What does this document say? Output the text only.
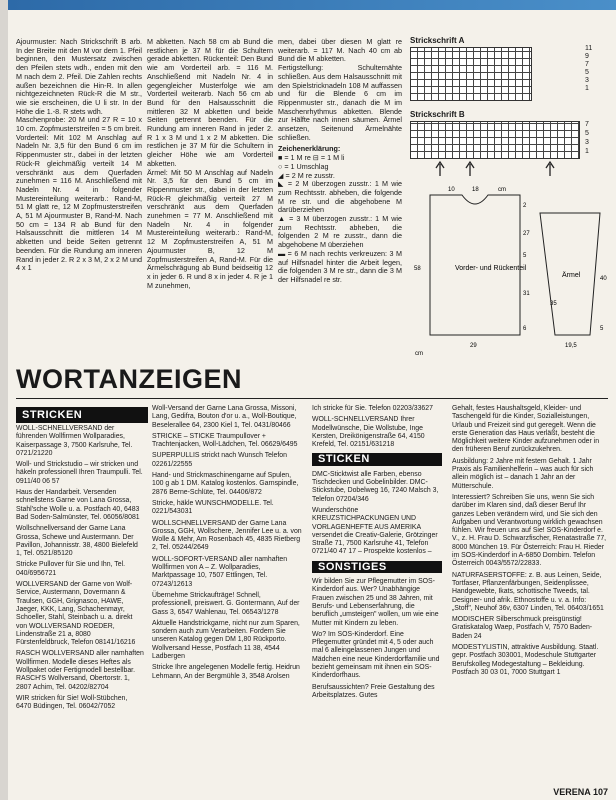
Ajourmuster: Nach Strickschrift B arb. In der Breite mit den M vor dem 1. Pfeil beginnen, den Mustersatz zwischen den Pfeilen stets wdh., enden mit den M nach dem 2. Pfeil. Die Zahlen rechts außen bezeichnen die Hin-R. In allen nichtgezeichneten Rück-R die M str., wie sie erscheinen, die U li str. In der Höhe die 1.-8. R stets wdh.

Maschenprobe: 20 M und 27 R = 10 x 10 cm. Zopfmusterstreifen = 5 cm breit.

Vorderteil: Mit 102 M Anschlag auf Nadeln Nr. 3,5 für den Bund 6 cm im Rippenmuster str., dabei in der letzten Rück-R gleichmäßig verteilt 14 M verschränkt aus dem Querfaden zunehmen = 116 M. Anschließend mit Nadeln Nr. 4 in folgender Mustereinteilung weiterarb.: Rand-M, 51 M glatt re, 12 M Zopfmusterstreifen A, 51 M Ajourmuster B, Rand-M. Nach 50 cm = 134 R ab Bund für den Halsausschnitt die mittleren 14 M abketten und beide Seiten getrennt beenden. Für die Rundung am inneren Rand in jeder 2. R 2 x 3 M, 2 x 2 M und 4 x 1

M abketten. Nach 58 cm ab Bund die restlichen je 37 M für die Schultern gerade abketten. Rückenteil: Den Bund wie am Vorderteil arb. = 116 M. Anschließend mit Nadeln Nr. 4 in gegengleicher Musterfolge wie am Vorderteil weiterarb. Nach 56 cm ab Bund für den Halsausschnitt die mittleren 32 M abketten und beide Seiten getrennt beenden. Für die Rundung am inneren Rand in jeder 2. R 1 x 3 M und 1 x 2 M abketten. Die restlichen je 37 M für die Schultern in gleicher Höhe wie am Vorderteil abketten.

Ärmel: Mit 50 M Anschlag auf Nadeln Nr. 3,5 für den Bund 5 cm im Rippenmuster str., dabei in der letzten Rück-R gleichmäßig verteilt 27 M verschränkt aus dem Querfaden zunehmen = 77 M. Anschließend mit Nadeln Nr. 4 in folgender Mustereinteilung weiterarb.: Rand-M, 12 M Zopfmusterstreifen A, 51 M Ajourmuster B, 12 M Zopfmusterstreifen A, Rand-M. Für die Ärmelschrägung ab Bund beidseitig 12 x in jeder 6. R und 8 x in jeder 4. R je 1 M zunehmen,

men, dabei über diesen M glatt re weiterarb. = 117 M. Nach 40 cm ab Bund die M abketten.

Fertigstellung: Schulternähte schließen. Aus dem Halsausschnitt mit den Spielstricknadeln 108 M auffassen und für die Blende 6 cm im Rippenmuster str., danach die M im Maschenrhythmus abketten. Blende zur Hälfte nach innen säumen. Ärmel ansetzen, Seitenund Ärmelnähte schließen.

Zeichenerklärung:

■ = 1 M re ⊟ = 1 M li

○ = 1 Umschlag

◢ = 2 M re zusstr.

◣ = 2 M überzogen zusstr.: 1 M wie zum Rechtsstr. abheben, die folgende M re str. und die abgehobene M darüberziehen

▲ = 3 M überzogen zusstr.: 1 M wie zum Rechtsstr. abheben, die folgenden 2 M re zusstr., dann die abgehobene M überziehen

▬ = 6 M nach rechts verkreuzen: 3 M auf Hilfsnadel hinter die Arbeit legen, die folgenden 3 M re str., dann die 3 M der Hilfsnadel re str.

Strickschrift A
11
9
7
5
3
1
Strickschrift B
7
5
3
1
Vorder- und Rückenteil
Ärmel
10	18	cm
58
2
27
5
31
6
29
40
35
5
19,5
cm
WORTANZEIGEN
STRICKEN

WOLL-SCHNELLVERSAND der führenden Wollfirmen Wollparadies, Kaiserpassage 3, 7500 Karlsruhe, Tel. 0721/21220

Woll- und Strickstudio – wir stricken und häkeln professionell Ihren Traumpulli. Tel. 0911/40 06 57

Haus der Handarbeit. Versenden schnellstens Garne von Lana Grossa, Stahl'sche Wolle u. a. Postfach 40, 6483 Bad Soden-Salmünster, Tel. 06056/8081

Wollschnellversand der Garne Lana Grossa, Schewe und Austermann. Der Pavillon, Johannisstr. 38, 4800 Bielefeld 1, Tel. 0521/85120

Stricke Pullover für Sie und Ihn, Tel. 040/6956721

WOLLVERSAND der Garne von Wolf-Service, Austermann, Dovermann & Traulsen, GGH, Grignasco, HAWE, Jaeger, KKK, Lang, Schachenmayr, Schoeller, Stahl, Steinbach u. a. direkt von WOLLVERSAND ROEDER, Lindenstraße 21 a, 8080 Fürstenfeldbruck, Telefon 08141/16216

RASCH WOLLVERSAND aller namhaften Wollfirmen. Modelle dieses Heftes als Wollpaket oder Fertigmodell bestellbar. RASCH'S Wollversand, Obertorstr. 1, 2807 Achim, Tel. 04202/82704

WIR stricken für Sie! Woll-Stübchen, 6470 Büdingen, Tel. 06042/7052

Woll-Versand der Garne Lana Grossa, Missoni, Lang, Gedifra, Bouton d'or u. a., Woll-Boutique, Beselerallee 64, 2300 Kiel 1, Tel. 0431/80466

STRICKE – STICKE Traumpullover + Trachtenjacken, Woll-Lädchen, Tel. 06629/6495

SUPERPULLIS strickt nach Wunsch Telefon 02261/22555

Hand- und Strickmaschinengarne auf Spulen, 100 g ab 1 DM. Katalog kostenlos. Garnspindle, 2876 Berne-Schlüte, Tel. 04406/872

Stricke, häkle WUNSCHMODELLE. Tel. 0221/543031

WOLLSCHNELLVERSAND der Garne Lana Grossa, GGH, Wollschere, Jennifer Lee u. a. von Wolle & Mehr, Am Rosenbach 45, 4835 Rietberg 2, Tel. 05244/2649

WOLL-SOFORT-VERSAND aller namhaften Wollfirmen von A – Z. Wollparadies, Marktpassage 10, 7507 Ettlingen, Tel. 07243/12613

Übernehme Strickaufträge! Schnell, professionell, preiswert. G. Gontermann, Auf der Gass 3, 6547 Wahlenau, Tel. 06543/1278

Aktuelle Handstrickgarne, nicht nur zum Sparen, sondern auch zum Verarbeiten. Fordern Sie unseren Katalog gegen DM 1,80 Rückporto. Wollversand Hesse, Postfach 11 38, 4544 Ladbergen

Stricke Ihre angelegenen Modelle fertig. Heidrun Lehmann, An der Bergmühle 3, 3548 Arolsen

Ich stricke für Sie. Telefon 02203/33627

WOLL-SCHNELLVERSAND Ihrer Modellwünsche, Die Wollstube, Inge Kersten, Dreikönigenstraße 64, 4150 Krefeld, Tel. 02151/631218

STICKEN

DMC-Sticktwist alle Farben, ebenso Tischdecken und Gobelinbilder. DMC-Stickstube, Dobelweg 16, 7240 Malsch 3, Telefon 07204/346

Wunderschöne KREUZSTICHPACKUNGEN UND VORLAGENHEFTE AUS AMERIKA versendet die Creativ-Galerie, Grötzinger Straße 71, 7500 Karlsruhe 41, Telefon 0721/40 47 17 – Prospekte kostenlos –

SONSTIGES

Wir bilden Sie zur Pflegemutter im SOS-Kinderdorf aus. Wer? Unabhängige Frauen zwischen 25 und 38 Jahren, mit Berufs- und Lebenserfahrung, die beruflich „umsteigen" wollen, um wie eine Mutter mit Kindern zu leben.

Wo? Im SOS-Kinderdorf. Eine Pflegemutter gründet mit 4, 5 oder auch mal 6 alleingelassenen Jungen und Mädchen eine neue Kinderdorffamilie und bezieht gemeinsam mit ihnen ein SOS-Kinderdorfhaus.

Berufsaussichten? Freie Gestaltung des Arbeitsplatzes. Gutes

Gehalt, festes Haushaltsgeld, Kleider- und Taschengeld für die Kinder, Sozialleistungen, Urlaub und Freizeit sind gut geregelt. Wenn die erste Generation das Haus verläßt, besteht die Möglichkeit weitere Kinder aufzunehmen oder in den früheren Beruf zurückzukehren.

Ausbildung: 2 Jahre mit festem Gehalt. 1 Jahr Praxis als Familienhelferin – was auch für sich allein möglich ist – danach 1 Jahr an der Mütterschule.

Interessiert? Schreiben Sie uns, wenn Sie sich darüber im Klaren sind, daß dieser Beruf Ihr ganzes Leben verändern wird, und Sie sich den Aufgaben und Verantwortung wirklich gewachsen fühlen. Wir freuen uns auf Sie! SOS-Kinderdorf e. V., z. H. Frau D. Schwarzfischer, Renatastraße 77, 8000 München 19. Für Österreich: Frau H. Rieder im SOS-Kinderdorf in A-6850 Dornbirn. Telefon Österreich 0043/5572/22833.

NATURFASERSTOFFE: z. B. aus Leinen, Seide, Tortfaser, Pflanzenfärbungen, Seidenplissee, Handgewebte, Ikats, schottische Tweeds, tal. Designer- und afrik. Ethnostoffe u. v. a. Info: „Stoff", Neuhof 36v, 6307 Linden, Tel. 06403/1651

MODISCHER Silberschmuck preisgünstig! Gratiskatalog Waep, Postfach V, 7570 Baden-Baden 24

MODESTYLISTIN, attraktive Ausbildung. Staatl. gepr. Postfach 303001, Modeschule Stuttgarter Berufskolleg Modegestaltung – Bekleidung. Postfach 30 03 01, 7000 Stuttgart 1

VERENA 107
